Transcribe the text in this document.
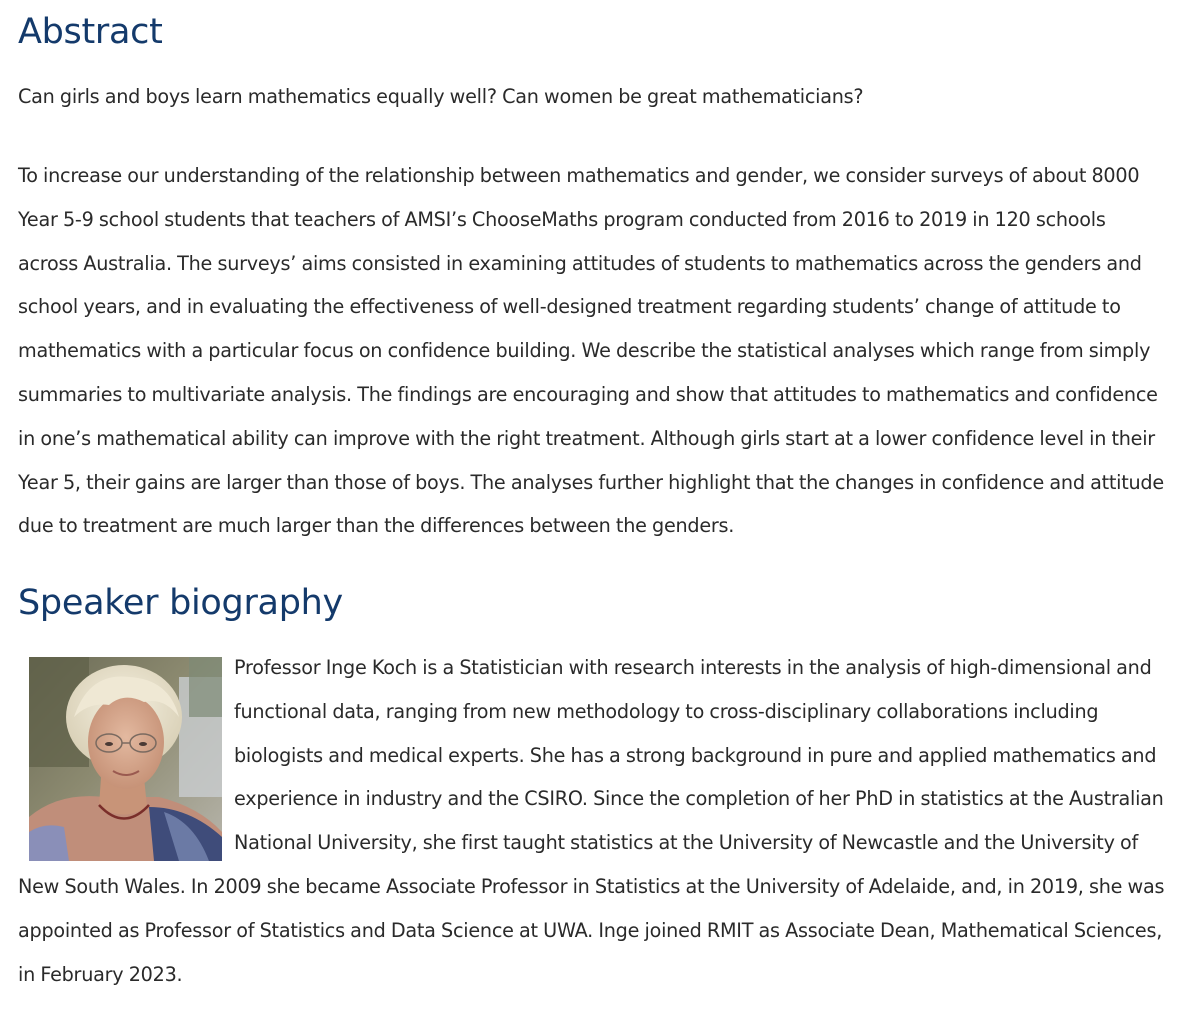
Abstract

Can girls and boys learn mathematics equally well? Can women be great mathematicians?

To increase our understanding of the relationship between mathematics and gender, we consider surveys of about 8000 Year 5-9 school students that teachers of AMSI’s ChooseMaths program conducted from 2016 to 2019 in 120 schools across Australia. The surveys’ aims consisted in examining attitudes of students to mathematics across the genders and school years, and in evaluating the effectiveness of well-designed treatment regarding students’ change of attitude to mathematics with a particular focus on confidence building. We describe the statistical analyses which range from simply summaries to multivariate analysis. The findings are encouraging and show that attitudes to mathematics and confidence in one’s mathematical ability can improve with the right treatment. Although girls start at a lower confidence level in their Year 5, their gains are larger than those of boys. The analyses further highlight that the changes in confidence and attitude due to treatment are much larger than the differences between the genders.

Speaker biography

Professor Inge Koch is a Statistician with research interests in the analysis of high-dimensional and functional data, ranging from new methodology to cross-disciplinary collaborations including biologists and medical experts. She has a strong background in pure and applied mathematics and experience in industry and the CSIRO. Since the completion of her PhD in statistics at the Australian National University, she first taught statistics at the University of Newcastle and the University of New South Wales. In 2009 she became Associate Professor in Statistics at the University of Adelaide, and, in 2019, she was appointed as Professor of Statistics and Data Science at UWA. Inge joined RMIT as Associate Dean, Mathematical Sciences, in February 2023.
